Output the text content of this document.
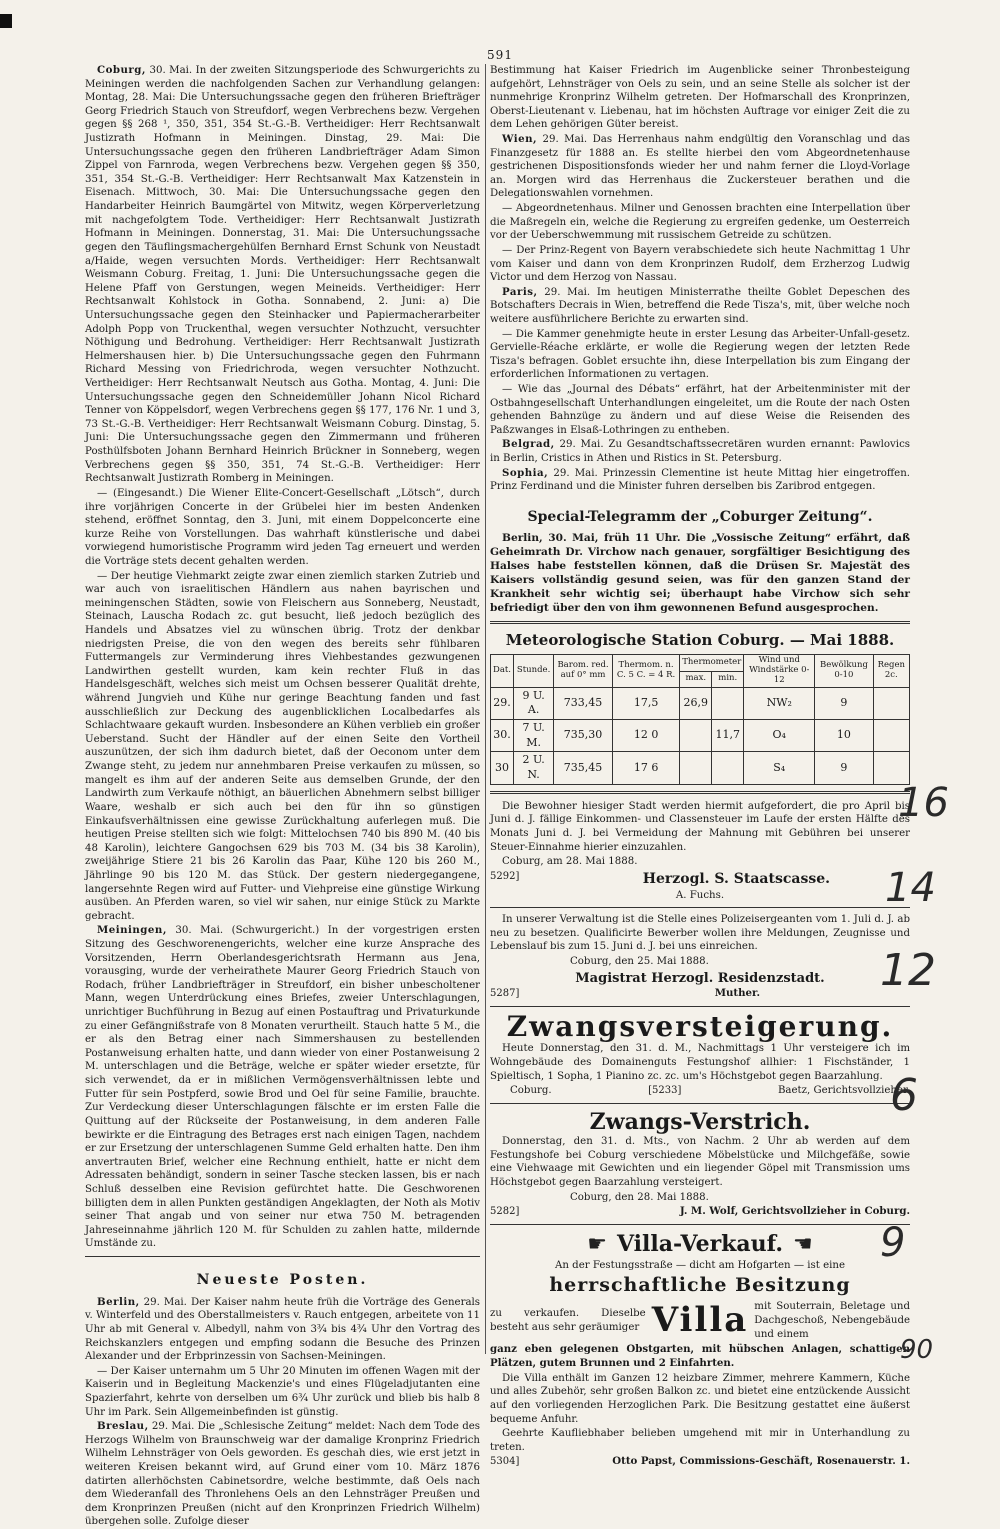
591

Coburg, 30. Mai. In der zweiten Sitzungsperiode des Schwurgerichts zu Meiningen werden die nachfolgenden Sachen zur Verhandlung gelangen: Montag, 28. Mai: Die Untersuchungssache gegen den früheren Briefträger Georg Friedrich Stauch von Streufdorf, wegen Verbrechens bezw. Vergehen gegen §§ 268 ¹, 350, 351, 354 St.-G.-B. Vertheidiger: Herr Rechtsanwalt Justizrath Hofmann in Meiningen. Dinstag, 29. Mai: Die Untersuchungssache gegen den früheren Landbriefträger Adam Simon Zippel von Farnroda, wegen Verbrechens bezw. Vergehen gegen §§ 350, 351, 354 St.-G.-B. Vertheidiger: Herr Rechtsanwalt Max Katzenstein in Eisenach. Mittwoch, 30. Mai: Die Untersuchungssache gegen den Handarbeiter Heinrich Baumgärtel von Mitwitz, wegen Körperverletzung mit nachgefolgtem Tode. Vertheidiger: Herr Rechtsanwalt Justizrath Hofmann in Meiningen. Donnerstag, 31. Mai: Die Untersuchungssache gegen den Täuflingsmachergehülfen Bernhard Ernst Schunk von Neustadt a/Haide, wegen versuchten Mords. Vertheidiger: Herr Rechtsanwalt Weismann Coburg. Freitag, 1. Juni: Die Untersuchungssache gegen die Helene Pfaff von Gerstungen, wegen Meineids. Vertheidiger: Herr Rechtsanwalt Kohlstock in Gotha. Sonnabend, 2. Juni: a) Die Untersuchungssache gegen den Steinhacker und Papiermacherarbeiter Adolph Popp von Truckenthal, wegen versuchter Nothzucht, versuchter Nöthigung und Bedrohung. Vertheidiger: Herr Rechtsanwalt Justizrath Helmershausen hier. b) Die Untersuchungssache gegen den Fuhrmann Richard Messing von Friedrichroda, wegen versuchter Nothzucht. Vertheidiger: Herr Rechtsanwalt Neutsch aus Gotha. Montag, 4. Juni: Die Untersuchungssache gegen den Schneidemüller Johann Nicol Richard Tenner von Köppelsdorf, wegen Verbrechens gegen §§ 177, 176 Nr. 1 und 3, 73 St.-G.-B. Vertheidiger: Herr Rechtsanwalt Weismann Coburg. Dinstag, 5. Juni: Die Untersuchungssache gegen den Zimmermann und früheren Posthülfsboten Johann Bernhard Heinrich Brückner in Sonneberg, wegen Verbrechens gegen §§ 350, 351, 74 St.-G.-B. Vertheidiger: Herr Rechtsanwalt Justizrath Romberg in Meiningen.

— (Eingesandt.) Die Wiener Elite-Concert-Gesellschaft „Lötsch“, durch ihre vorjährigen Concerte in der Grübelei hier im besten Andenken stehend, eröffnet Sonntag, den 3. Juni, mit einem Doppelconcerte eine kurze Reihe von Vorstellungen. Das wahrhaft künstlerische und dabei vorwiegend humoristische Programm wird jeden Tag erneuert und werden die Vorträge stets decent gehalten werden.

— Der heutige Viehmarkt zeigte zwar einen ziemlich starken Zutrieb und war auch von israelitischen Händlern aus nahen bayrischen und meiningenschen Städten, sowie von Fleischern aus Sonneberg, Neustadt, Steinach, Lauscha Rodach zc. gut besucht, ließ jedoch bezüglich des Handels und Absatzes viel zu wünschen übrig. Trotz der denkbar niedrigsten Preise, die von den wegen des bereits sehr fühlbaren Futtermangels zur Verminderung ihres Viehbestandes gezwungenen Landwirthen gestellt wurden, kam kein rechter Fluß in das Handelsgeschäft, welches sich meist um Ochsen besserer Qualität drehte, während Jungvieh und Kühe nur geringe Beachtung fanden und fast ausschließlich zur Deckung des augenblicklichen Localbedarfes als Schlachtwaare gekauft wurden. Insbesondere an Kühen verblieb ein großer Ueberstand. Sucht der Händler auf der einen Seite den Vortheil auszunützen, der sich ihm dadurch bietet, daß der Oeconom unter dem Zwange steht, zu jedem nur annehmbaren Preise verkaufen zu müssen, so mangelt es ihm auf der anderen Seite aus demselben Grunde, der den Landwirth zum Verkaufe nöthigt, an bäuerlichen Abnehmern selbst billiger Waare, weshalb er sich auch bei den für ihn so günstigen Einkaufsverhältnissen eine gewisse Zurückhaltung auferlegen muß. Die heutigen Preise stellten sich wie folgt: Mittelochsen 740 bis 890 M. (40 bis 48 Karolin), leichtere Gangochsen 629 bis 703 M. (34 bis 38 Karolin), zweijährige Stiere 21 bis 26 Karolin das Paar, Kühe 120 bis 260 M., Jährlinge 90 bis 120 M. das Stück. Der gestern niedergegangene, langersehnte Regen wird auf Futter- und Viehpreise eine günstige Wirkung ausüben. An Pferden waren, so viel wir sahen, nur einige Stück zu Markte gebracht.

Meiningen, 30. Mai. (Schwurgericht.) In der vorgestrigen ersten Sitzung des Geschworenengerichts, welcher eine kurze Ansprache des Vorsitzenden, Herrn Oberlandesgerichtsrath Hermann aus Jena, vorausging, wurde der verheirathete Maurer Georg Friedrich Stauch von Rodach, früher Landbriefträger in Streufdorf, ein bisher unbescholtener Mann, wegen Unterdrückung eines Briefes, zweier Unterschlagungen, unrichtiger Buchführung in Bezug auf einen Postauftrag und Privaturkunde zu einer Gefängnißstrafe von 8 Monaten verurtheilt. Stauch hatte 5 M., die er als den Betrag einer nach Simmershausen zu bestellenden Postanweisung erhalten hatte, und dann wieder von einer Postanweisung 2 M. unterschlagen und die Beträge, welche er später wieder ersetzte, für sich verwendet, da er in mißlichen Vermögensverhältnissen lebte und Futter für sein Postpferd, sowie Brod und Oel für seine Familie, brauchte. Zur Verdeckung dieser Unterschlagungen fälschte er im ersten Falle die Quittung auf der Rückseite der Postanweisung, in dem anderen Falle bewirkte er die Eintragung des Betrages erst nach einigen Tagen, nachdem er zur Ersetzung der unterschlagenen Summe Geld erhalten hatte. Den ihm anvertrauten Brief, welcher eine Rechnung enthielt, hatte er nicht dem Adressaten behändigt, sondern in seiner Tasche stecken lassen, bis er nach Schluß desselben eine Revision gefürchtet hatte. Die Geschworenen billigten dem in allen Punkten geständigen Angeklagten, der Noth als Motiv seiner That angab und von seiner nur etwa 750 M. betragenden Jahreseinnahme jährlich 120 M. für Schulden zu zahlen hatte, mildernde Umstände zu.

Neueste Posten.

Berlin, 29. Mai. Der Kaiser nahm heute früh die Vorträge des Generals v. Winterfeld und des Oberstallmeisters v. Rauch entgegen, arbeitete von 11 Uhr ab mit General v. Albedyll, nahm von 3¾ bis 4¾ Uhr den Vortrag des Reichskanzlers entgegen und empfing sodann die Besuche des Prinzen Alexander und der Erbprinzessin von Sachsen-Meiningen.

— Der Kaiser unternahm um 5 Uhr 20 Minuten im offenen Wagen mit der Kaiserin und in Begleitung Mackenzie's und eines Flügeladjutanten eine Spazierfahrt, kehrte von derselben um 6¾ Uhr zurück und blieb bis halb 8 Uhr im Park. Sein Allgemeinbefinden ist günstig.

Breslau, 29. Mai. Die „Schlesische Zeitung“ meldet: Nach dem Tode des Herzogs Wilhelm von Braunschweig war der damalige Kronprinz Friedrich Wilhelm Lehnsträger von Oels geworden. Es geschah dies, wie erst jetzt in weiteren Kreisen bekannt wird, auf Grund einer vom 10. März 1876 datirten allerhöchsten Cabinetsordre, welche bestimmte, daß Oels nach dem Wiederanfall des Thronlehens Oels an den Lehnsträger Preußen und dem Kronprinzen Preußen (nicht auf den Kronprinzen Friedrich Wilhelm) übergehen solle. Zufolge dieser

Bestimmung hat Kaiser Friedrich im Augenblicke seiner Thronbesteigung aufgehört, Lehnsträger von Oels zu sein, und an seine Stelle als solcher ist der nunmehrige Kronprinz Wilhelm getreten. Der Hofmarschall des Kronprinzen, Oberst-Lieutenant v. Liebenau, hat im höchsten Auftrage vor einiger Zeit die zu dem Lehen gehörigen Güter bereist.

Wien, 29. Mai. Das Herrenhaus nahm endgültig den Voranschlag und das Finanzgesetz für 1888 an. Es stellte hierbei den vom Abgeordnetenhause gestrichenen Dispositionsfonds wieder her und nahm ferner die Lloyd-Vorlage an. Morgen wird das Herrenhaus die Zuckersteuer berathen und die Delegationswahlen vornehmen.

— Abgeordnetenhaus. Milner und Genossen brachten eine Interpellation über die Maßregeln ein, welche die Regierung zu ergreifen gedenke, um Oesterreich vor der Ueberschwemmung mit russischem Getreide zu schützen.

— Der Prinz-Regent von Bayern verabschiedete sich heute Nachmittag 1 Uhr vom Kaiser und dann von dem Kronprinzen Rudolf, dem Erzherzog Ludwig Victor und dem Herzog von Nassau.

Paris, 29. Mai. Im heutigen Ministerrathe theilte Goblet Depeschen des Botschafters Decrais in Wien, betreffend die Rede Tisza's, mit, über welche noch weitere ausführlichere Berichte zu erwarten sind.

— Die Kammer genehmigte heute in erster Lesung das Arbeiter-Unfall-gesetz. Gervielle-Réache erklärte, er wolle die Regierung wegen der letzten Rede Tisza's befragen. Goblet ersuchte ihn, diese Interpellation bis zum Eingang der erforderlichen Informationen zu vertagen.

— Wie das „Journal des Débats“ erfährt, hat der Arbeitenminister mit der Ostbahngesellschaft Unterhandlungen eingeleitet, um die Route der nach Osten gehenden Bahnzüge zu ändern und auf diese Weise die Reisenden des Paßzwanges in Elsaß-Lothringen zu entheben.

Belgrad, 29. Mai. Zu Gesandtschaftssecretären wurden ernannt: Pawlovics in Berlin, Cristics in Athen und Ristics in St. Petersburg.

Sophia, 29. Mai. Prinzessin Clementine ist heute Mittag hier eingetroffen. Prinz Ferdinand und die Minister fuhren derselben bis Zaribrod entgegen.

Special-Telegramm der „Coburger Zeitung“.

Berlin, 30. Mai, früh 11 Uhr. Die „Vossische Zeitung“ erfährt, daß Geheimrath Dr. Virchow nach genauer, sorgfältiger Besichtigung des Halses habe feststellen können, daß die Drüsen Sr. Majestät des Kaisers vollständig gesund seien, was für den ganzen Stand der Krankheit sehr wichtig sei; überhaupt habe Virchow sich sehr befriedigt über den von ihm gewonnenen Befund ausgesprochen.

Meteorologische Station Coburg. — Mai 1888.
Dat.	Stunde.	Barom. red. auf 0° mm	Thermom. n. C. 5 C. = 4 R.	Thermometer		Wind und Windstärke 0-12	Bewölkung 0-10	Regen 2c.
				max.	min.			
29.	9 U. A.	733,45	17,5	26,9		NW₂	9	
30.	7 U. M.	735,30	12 0		11,7	O₄	10	
30	2 U. N.	735,45	17 6			S₄	9	

Die Bewohner hiesiger Stadt werden hiermit aufgefordert, die pro April bis Juni d. J. fällige Einkommen- und Classensteuer im Laufe der ersten Hälfte des Monats Juni d. J. bei Vermeidung der Mahnung mit Gebühren bei unserer Steuer-Einnahme hierier einzuzahlen.

Coburg, am 28. Mai 1888.

5292]	Herzogl. S. Staatscasse.
A. Fuchs.

In unserer Verwaltung ist die Stelle eines Polizeisergeanten vom 1. Juli d. J. ab neu zu besetzen. Qualificirte Bewerber wollen ihre Meldungen, Zeugnisse und Lebenslauf bis zum 15. Juni d. J. bei uns einreichen.

Coburg, den 25. Mai 1888.

Magistrat Herzogl. Residenzstadt.
5287]	Muther.
Zwangsversteigerung.

Heute Donnerstag, den 31. d. M., Nachmittags 1 Uhr versteigere ich im Wohngebäude des Domainenguts Festungshof allhier: 1 Fischständer, 1 Spieltisch, 1 Sopha, 1 Pianino zc. zc. um's Höchstgebot gegen Baarzahlung.

Coburg.	[5233]	Baetz, Gerichtsvollzieher.
Zwangs-Verstrich.

Donnerstag, den 31. d. Mts., von Nachm. 2 Uhr ab werden auf dem Festungshofe bei Coburg verschiedene Möbelstücke und Milchgefäße, sowie eine Viehwaage mit Gewichten und ein liegender Göpel mit Transmission ums Höchstgebot gegen Baarzahlung versteigert.

Coburg, den 28. Mai 1888.

5282]	J. M. Wolf, Gerichtsvollzieher in Coburg.
☛ Villa-Verkauf. ☚
An der Festungsstraße — dicht am Hofgarten — ist eine
herrschaftliche Besitzung
zu verkaufen. Dieselbe besteht aus sehr geräumiger Villa mit Souterrain, Beletage und Dachgeschoß, Nebengebäude und einem

ganz eben gelegenen Obstgarten, mit hübschen Anlagen, schattigen Plätzen, gutem Brunnen und 2 Einfahrten.

Die Villa enthält im Ganzen 12 heizbare Zimmer, mehrere Kammern, Küche und alles Zubehör, sehr großen Balkon zc. und bietet eine entzückende Aussicht auf den vorliegenden Herzoglichen Park. Die Besitzung gestattet eine äußerst bequeme Anfuhr.

Geehrte Kaufliebhaber belieben umgehend mit mir in Unterhandlung zu treten.

5304]	Otto Papst, Commissions-Geschäft, Rosenauerstr. 1.
16
14
12
6
9
90
